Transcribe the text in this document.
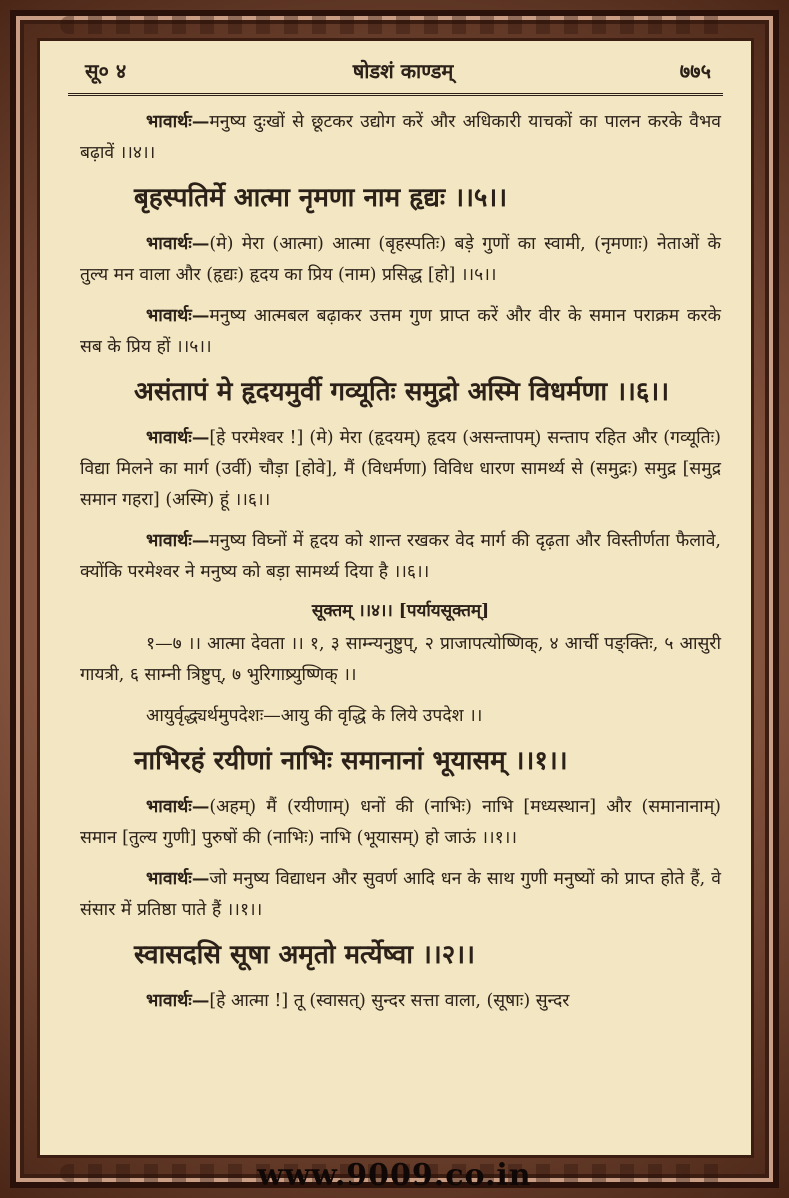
सू० ४	षोडशं काण्डम्	७७५

भावार्थः—मनुष्य दुःखों से छूटकर उद्योग करें और अधिकारी याचकों का पालन करके वैभव बढ़ावें ।।४।।

बृहस्पतिर्मे आत्मा नृमणा नाम हृद्यः ।।५।।

भावार्थः—(मे) मेरा (आत्मा) आत्मा (बृहस्पतिः) बड़े गुणों का स्वामी, (नृमणाः) नेताओं के तुल्य मन वाला और (हृद्यः) हृदय का प्रिय (नाम) प्रसिद्ध [हो] ।।५।।

भावार्थः—मनुष्य आत्मबल बढ़ाकर उत्तम गुण प्राप्त करें और वीर के समान पराक्रम करके सब के प्रिय हों ।।५।।

असंतापं मे हृदयमुर्वी गव्यूतिः समुद्रो अस्मि विधर्मणा ।।६।।

भावार्थः—[हे परमेश्वर !] (मे) मेरा (हृदयम्) हृदय (असन्तापम्) सन्ताप रहित और (गव्यूतिः) विद्या मिलने का मार्ग (उर्वी) चौड़ा [होवे], मैं (विधर्मणा) विविध धारण सामर्थ्य से (समुद्रः) समुद्र [समुद्र समान गहरा] (अस्मि) हूं ।।६।।

भावार्थः—मनुष्य विघ्नों में हृदय को शान्त रखकर वेद मार्ग की दृढ़ता और विस्तीर्णता फैलावे, क्योंकि परमेश्वर ने मनुष्य को बड़ा सामर्थ्य दिया है ।।६।।

सूक्तम् ।।४।। [पर्यायसूक्तम्]

१—७ ।। आत्मा देवता ।। १, ३ साम्न्यनुष्टुप्, २ प्राजापत्योष्णिक्, ४ आर्ची पङ्क्तिः, ५ आसुरी गायत्री, ६ साम्नी त्रिष्टुप्, ७ भुरिगाष्र्युष्णिक् ।।

आयुर्वृद्ध्यर्थमुपदेशः—आयु की वृद्धि के लिये उपदेश ।।

नाभिरहं रयीणां नाभिः समानानां भूयासम् ।।१।।

भावार्थः—(अहम्) मैं (रयीणाम्) धनों की (नाभिः) नाभि [मध्यस्थान] और (समानानाम्) समान [तुल्य गुणी] पुरुषों की (नाभिः) नाभि (भूयासम्) हो जाऊं ।।१।।

भावार्थः—जो मनुष्य विद्याधन और सुवर्ण आदि धन के साथ गुणी मनुष्यों को प्राप्त होते हैं, वे संसार में प्रतिष्ठा पाते हैं ।।१।।

स्वासदसि सूषा अमृतो मर्त्येष्वा ।।२।।

भावार्थः—[हे आत्मा !] तू (स्वासत्) सुन्दर सत्ता वाला, (सूषाः) सुन्दर

www.9009.co.in
